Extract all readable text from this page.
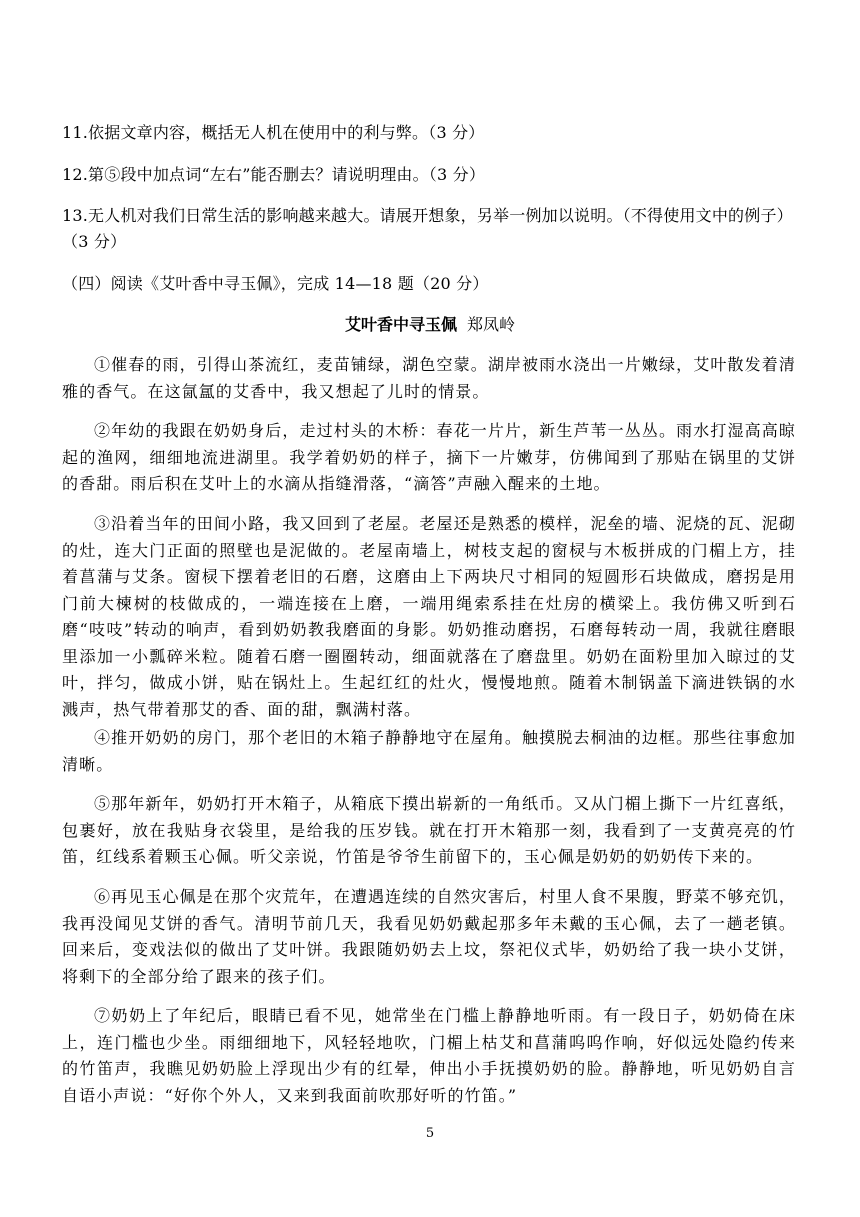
11.依据文章内容，概括无人机在使用中的利与弊。（3 分）
12.第⑤段中加点词“左右”能否删去？请说明理由。（3 分）
13.无人机对我们日常生活的影响越来越大。请展开想象，另举一例加以说明。（不得使用文中的例子）（3 分）
（四）阅读《艾叶香中寻玉佩》，完成 14—18 题（20 分）
艾叶香中寻玉佩 郑凤岭
①催春的雨，引得山茶流红，麦苗铺绿，湖色空蒙。湖岸被雨水浇出一片嫩绿，艾叶散发着清雅的香气。在这氤氲的艾香中，我又想起了儿时的情景。
②年幼的我跟在奶奶身后，走过村头的木桥：春花一片片，新生芦苇一丛丛。雨水打湿高高晾起的渔网，细细地流进湖里。我学着奶奶的样子，摘下一片嫩芽，仿佛闻到了那贴在锅里的艾饼的香甜。雨后积在艾叶上的水滴从指缝滑落，“滴答”声融入醒来的土地。
③沿着当年的田间小路，我又回到了老屋。老屋还是熟悉的模样，泥垒的墙、泥烧的瓦、泥砌的灶，连大门正面的照壁也是泥做的。老屋南墙上，树枝支起的窗棂与木板拼成的门楣上方，挂着菖蒲与艾条。窗棂下摆着老旧的石磨，这磨由上下两块尺寸相同的短圆形石块做成，磨拐是用门前大楝树的枝做成的，一端连接在上磨，一端用绳索系挂在灶房的横梁上。我仿佛又听到石磨“吱吱”转动的响声，看到奶奶教我磨面的身影。奶奶推动磨拐，石磨每转动一周，我就往磨眼里添加一小瓢碎米粒。随着石磨一圈圈转动，细面就落在了磨盘里。奶奶在面粉里加入晾过的艾叶，拌匀，做成小饼，贴在锅灶上。生起红红的灶火，慢慢地煎。随着木制锅盖下滴进铁锅的水溅声，热气带着那艾的香、面的甜，飘满村落。
④推开奶奶的房门，那个老旧的木箱子静静地守在屋角。触摸脱去桐油的边框。那些往事愈加清晰。
⑤那年新年，奶奶打开木箱子，从箱底下摸出崭新的一角纸币。又从门楣上撕下一片红喜纸，包裹好，放在我贴身衣袋里，是给我的压岁钱。就在打开木箱那一刻，我看到了一支黄亮亮的竹笛，红线系着颗玉心佩。听父亲说，竹笛是爷爷生前留下的，玉心佩是奶奶的奶奶传下来的。
⑥再见玉心佩是在那个灾荒年，在遭遇连续的自然灾害后，村里人食不果腹，野菜不够充饥，我再没闻见艾饼的香气。清明节前几天，我看见奶奶戴起那多年未戴的玉心佩，去了一趟老镇。回来后，变戏法似的做出了艾叶饼。我跟随奶奶去上坟，祭祀仪式毕，奶奶给了我一块小艾饼，将剩下的全部分给了跟来的孩子们。
⑦奶奶上了年纪后，眼睛已看不见，她常坐在门槛上静静地听雨。有一段日子，奶奶倚在床上，连门槛也少坐。雨细细地下，风轻轻地吹，门楣上枯艾和菖蒲呜呜作响，好似远处隐约传来的竹笛声，我瞧见奶奶脸上浮现出少有的红晕，伸出小手抚摸奶奶的脸。静静地，听见奶奶自言自语小声说：“好你个外人，又来到我面前吹那好听的竹笛。”
5
